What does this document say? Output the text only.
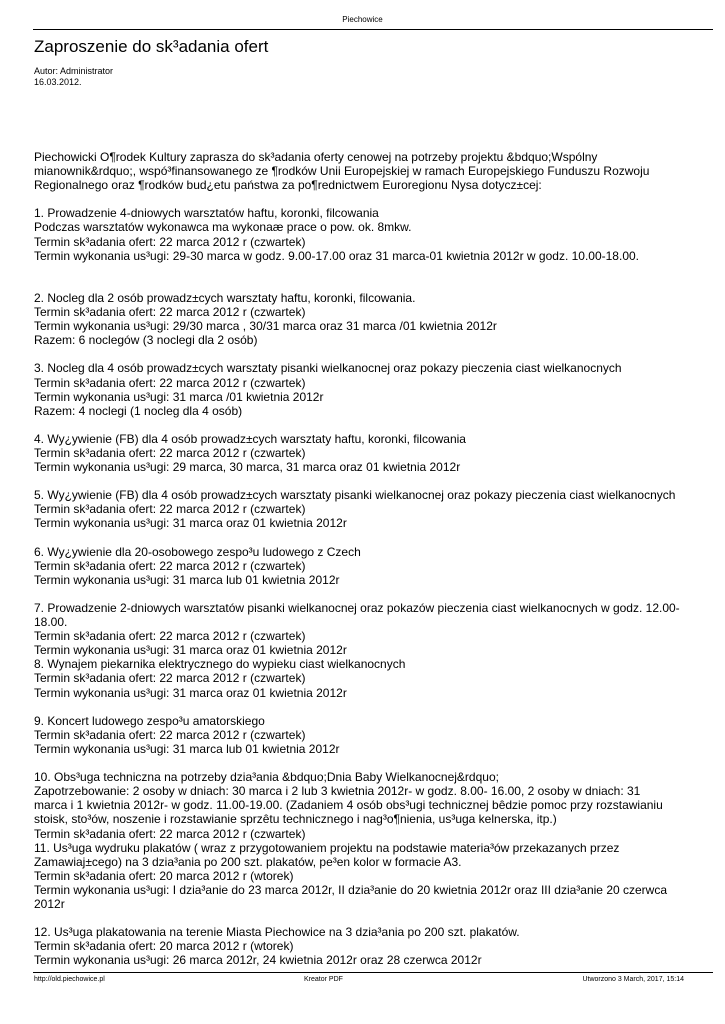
Piechowice
Zaproszenie do sk³adania ofert
Autor: Administrator
16.03.2012.

Piechowicki O¶rodek Kultury zaprasza do sk³adania oferty cenowej na potrzeby projektu &bdquo;Wspólny

mianownik&rdquo;, wspó³finansowanego ze ¶rodków Unii Europejskiej w ramach Europejskiego Funduszu Rozwoju

Regionalnego oraz ¶rodków bud¿etu państwa za po¶rednictwem Euroregionu Nysa dotycz±cej:

1. Prowadzenie 4-dniowych warsztatów haftu, koronki, filcowania

Podczas warsztatów wykonawca ma wykonaæ prace o pow. ok. 8mkw.

Termin sk³adania ofert: 22 marca 2012 r (czwartek)

Termin wykonania us³ugi: 29-30 marca w godz. 9.00-17.00 oraz 31 marca-01 kwietnia 2012r w godz. 10.00-18.00.

2. Nocleg dla 2 osób prowadz±cych warsztaty haftu, koronki, filcowania.

Termin sk³adania ofert: 22 marca 2012 r (czwartek)

Termin wykonania us³ugi: 29/30 marca , 30/31 marca oraz 31 marca /01 kwietnia 2012r

Razem: 6 noclegów (3 noclegi dla 2 osób)

3. Nocleg dla 4 osób prowadz±cych warsztaty pisanki wielkanocnej oraz pokazy pieczenia ciast wielkanocnych

Termin sk³adania ofert: 22 marca 2012 r (czwartek)

Termin wykonania us³ugi: 31 marca /01 kwietnia 2012r

Razem: 4 noclegi (1 nocleg dla 4 osób)

4. Wy¿ywienie (FB) dla 4 osób prowadz±cych warsztaty haftu, koronki, filcowania

Termin sk³adania ofert: 22 marca 2012 r (czwartek)

Termin wykonania us³ugi: 29 marca, 30 marca, 31 marca oraz 01 kwietnia 2012r

5. Wy¿ywienie (FB) dla 4 osób prowadz±cych warsztaty pisanki wielkanocnej oraz pokazy pieczenia ciast wielkanocnych

Termin sk³adania ofert: 22 marca 2012 r (czwartek)

Termin wykonania us³ugi: 31 marca oraz 01 kwietnia 2012r

6. Wy¿ywienie dla 20-osobowego zespo³u ludowego z Czech

Termin sk³adania ofert: 22 marca 2012 r (czwartek)

Termin wykonania us³ugi: 31 marca lub 01 kwietnia 2012r

7. Prowadzenie 2-dniowych warsztatów pisanki wielkanocnej oraz pokazów pieczenia ciast wielkanocnych w godz. 12.00-

18.00.

Termin sk³adania ofert: 22 marca 2012 r (czwartek)

Termin wykonania us³ugi: 31 marca oraz 01 kwietnia 2012r

8. Wynajem piekarnika elektrycznego do wypieku ciast wielkanocnych

Termin sk³adania ofert: 22 marca 2012 r (czwartek)

Termin wykonania us³ugi: 31 marca oraz 01 kwietnia 2012r

9. Koncert ludowego zespo³u amatorskiego

Termin sk³adania ofert: 22 marca 2012 r (czwartek)

Termin wykonania us³ugi: 31 marca lub 01 kwietnia 2012r

10. Obs³uga techniczna na potrzeby dzia³ania &bdquo;Dnia Baby Wielkanocnej&rdquo;

Zapotrzebowanie: 2 osoby w dniach: 30 marca i 2 lub 3 kwietnia 2012r- w godz. 8.00- 16.00, 2 osoby w dniach: 31

marca i 1 kwietnia 2012r- w godz. 11.00-19.00. (Zadaniem 4 osób obs³ugi technicznej bêdzie pomoc przy rozstawianiu

stoisk, sto³ów, noszenie i rozstawianie sprzêtu technicznego i nag³o¶nienia, us³uga kelnerska, itp.)

Termin sk³adania ofert: 22 marca 2012 r (czwartek)

11. Us³uga wydruku plakatów ( wraz z przygotowaniem projektu na podstawie materia³ów przekazanych przez

Zamawiaj±cego) na 3 dzia³ania po 200 szt. plakatów, pe³en kolor w formacie A3.

Termin sk³adania ofert: 20 marca 2012 r (wtorek)

Termin wykonania us³ugi: I dzia³anie do 23 marca 2012r, II dzia³anie do 20 kwietnia 2012r oraz III dzia³anie 20 czerwca

2012r

12. Us³uga plakatowania na terenie Miasta Piechowice na 3 dzia³ania po 200 szt. plakatów.

Termin sk³adania ofert: 20 marca 2012 r (wtorek)

Termin wykonania us³ugi: 26 marca 2012r, 24 kwietnia 2012r oraz 28 czerwca 2012r

http://old.piechowice.pl	Kreator PDF	Utworzono 3 March, 2017, 15:14
